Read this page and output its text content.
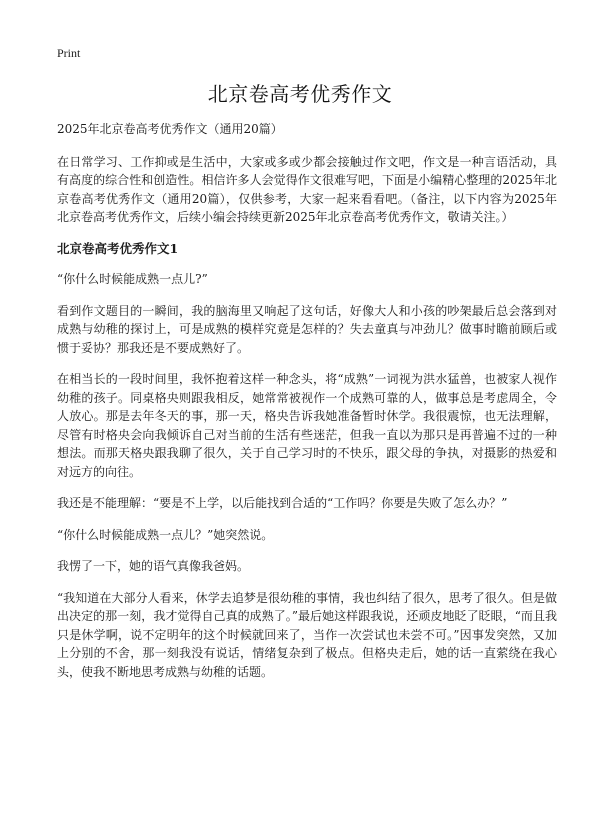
Print
北京卷高考优秀作文

2025年北京卷高考优秀作文（通用20篇）

在日常学习、工作抑或是生活中，大家或多或少都会接触过作文吧，作文是一种言语活动，具有高度的综合性和创造性。相信许多人会觉得作文很难写吧，下面是小编精心整理的2025年北京卷高考优秀作文（通用20篇），仅供参考，大家一起来看看吧。（备注，以下内容为2025年北京卷高考优秀作文，后续小编会持续更新2025年北京卷高考优秀作文，敬请关注。）

北京卷高考优秀作文1

“你什么时候能成熟一点儿?”

看到作文题目的一瞬间，我的脑海里又响起了这句话，好像大人和小孩的吵架最后总会落到对成熟与幼稚的探讨上，可是成熟的模样究竟是怎样的？失去童真与冲劲儿？做事时瞻前顾后或惯于妥协？那我还是不要成熟好了。

在相当长的一段时间里，我怀抱着这样一种念头，将“成熟”一词视为洪水猛兽，也被家人视作幼稚的孩子。同桌格央则跟我相反，她常常被视作一个成熟可靠的人，做事总是考虑周全，令人放心。那是去年冬天的事，那一天，格央告诉我她准备暂时休学。我很震惊，也无法理解，尽管有时格央会向我倾诉自己对当前的生活有些迷茫，但我一直以为那只是再普遍不过的一种想法。而那天格央跟我聊了很久，关于自己学习时的不快乐，跟父母的争执，对摄影的热爱和对远方的向往。

我还是不能理解：“要是不上学，以后能找到合适的“工作吗？你要是失败了怎么办？”

“你什么时候能成熟一点儿？”她突然说。

我愣了一下，她的语气真像我爸妈。

“我知道在大部分人看来，休学去追梦是很幼稚的事情，我也纠结了很久，思考了很久。但是做出决定的那一刻，我才觉得自己真的成熟了。”最后她这样跟我说，还顽皮地眨了眨眼，“而且我只是休学啊，说不定明年的这个时候就回来了，当作一次尝试也未尝不可。”因事发突然，又加上分别的不舍，那一刻我没有说话，情绪复杂到了极点。但格央走后，她的话一直萦绕在我心头，使我不断地思考成熟与幼稚的话题。
